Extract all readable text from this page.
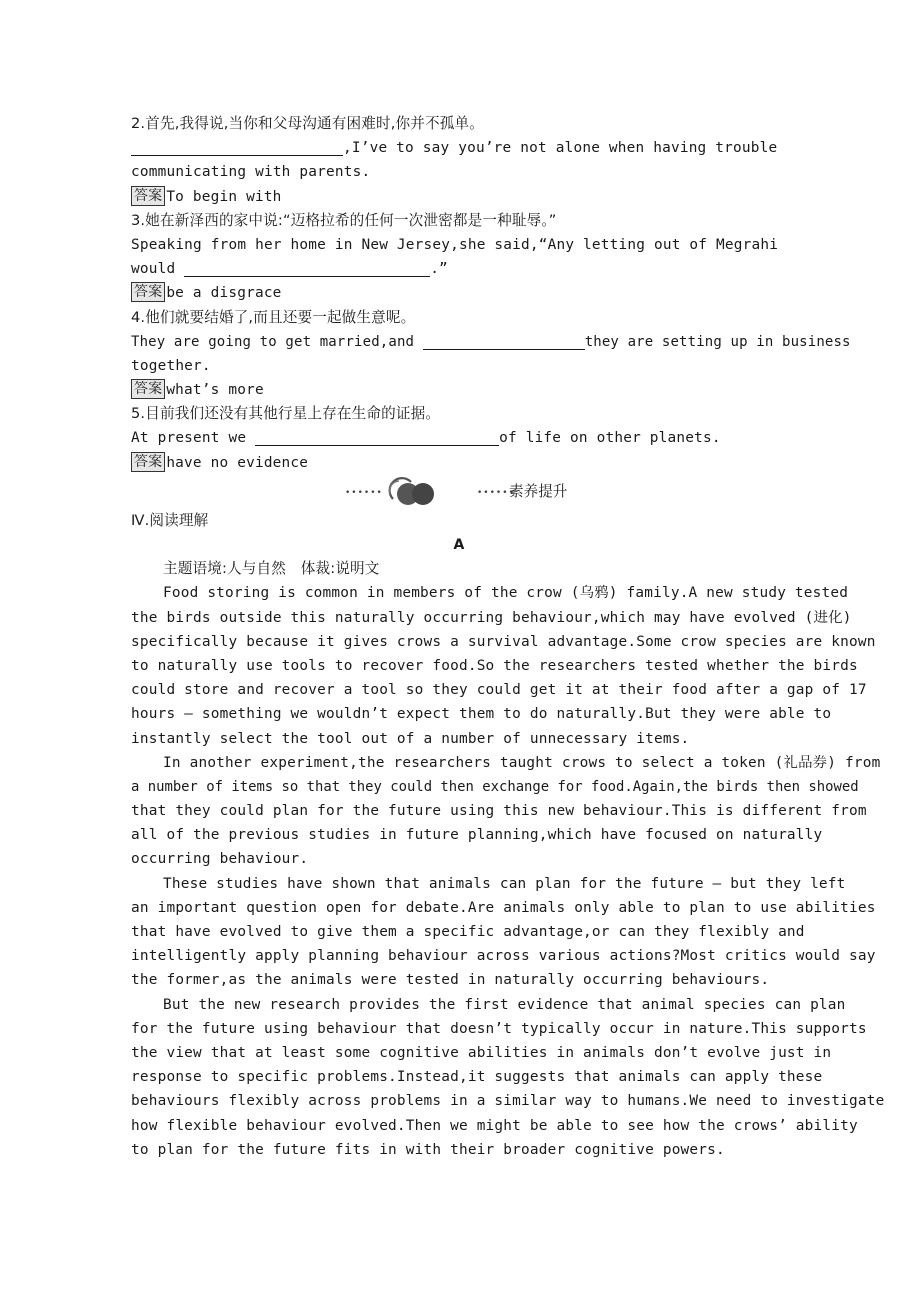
2.首先,我得说,当你和父母沟通有困难时,你并不孤单。
,I’ve to say you’re not alone when having trouble
communicating with parents.
答案 To begin with
3.她在新泽西的家中说:“迈格拉希的任何一次泄密都是一种耻辱。”
Speaking from her home in New Jersey,she said,“Any letting out of Megrahi
would	.”
答案 be a disgrace
4.他们就要结婚了,而且还要一起做生意呢。
They are going to get married,and	they are setting up in business
together.
答案 what’s more
5.目前我们还没有其他行星上存在生命的证据。
At present we	of life on other planets.
答案 have no evidence
••••••	••••••
素养提升
Ⅳ.阅读理解
A
主题语境:人与自然　体裁:说明文
Food storing is common in members of the crow (乌鸦) family.A new study tested
the birds outside this naturally occurring behaviour,which may have evolved (进化)
specifically because it gives crows a survival advantage.Some crow species are known
to naturally use tools to recover food.So the researchers tested whether the birds
could store and recover a tool so they could get it at their food after a gap of 17
hours — something we wouldn’t expect them to do naturally.But they were able to
instantly select the tool out of a number of unnecessary items.
In another experiment,the researchers taught crows to select a token (礼品券) from
a number of items so that they could then exchange for food.Again,the birds then showed
that they could plan for the future using this new behaviour.This is different from
all of the previous studies in future planning,which have focused on naturally
occurring behaviour.
These studies have shown that animals can plan for the future — but they left
an important question open for debate.Are animals only able to plan to use abilities
that have evolved to give them a specific advantage,or can they flexibly and
intelligently apply planning behaviour across various actions?Most critics would say
the former,as the animals were tested in naturally occurring behaviours.
But the new research provides the first evidence that animal species can plan
for the future using behaviour that doesn’t typically occur in nature.This supports
the view that at least some cognitive abilities in animals don’t evolve just in
response to specific problems.Instead,it suggests that animals can apply these
behaviours flexibly across problems in a similar way to humans.We need to investigate
how flexible behaviour evolved.Then we might be able to see how the crows’ ability
to plan for the future fits in with their broader cognitive powers.
